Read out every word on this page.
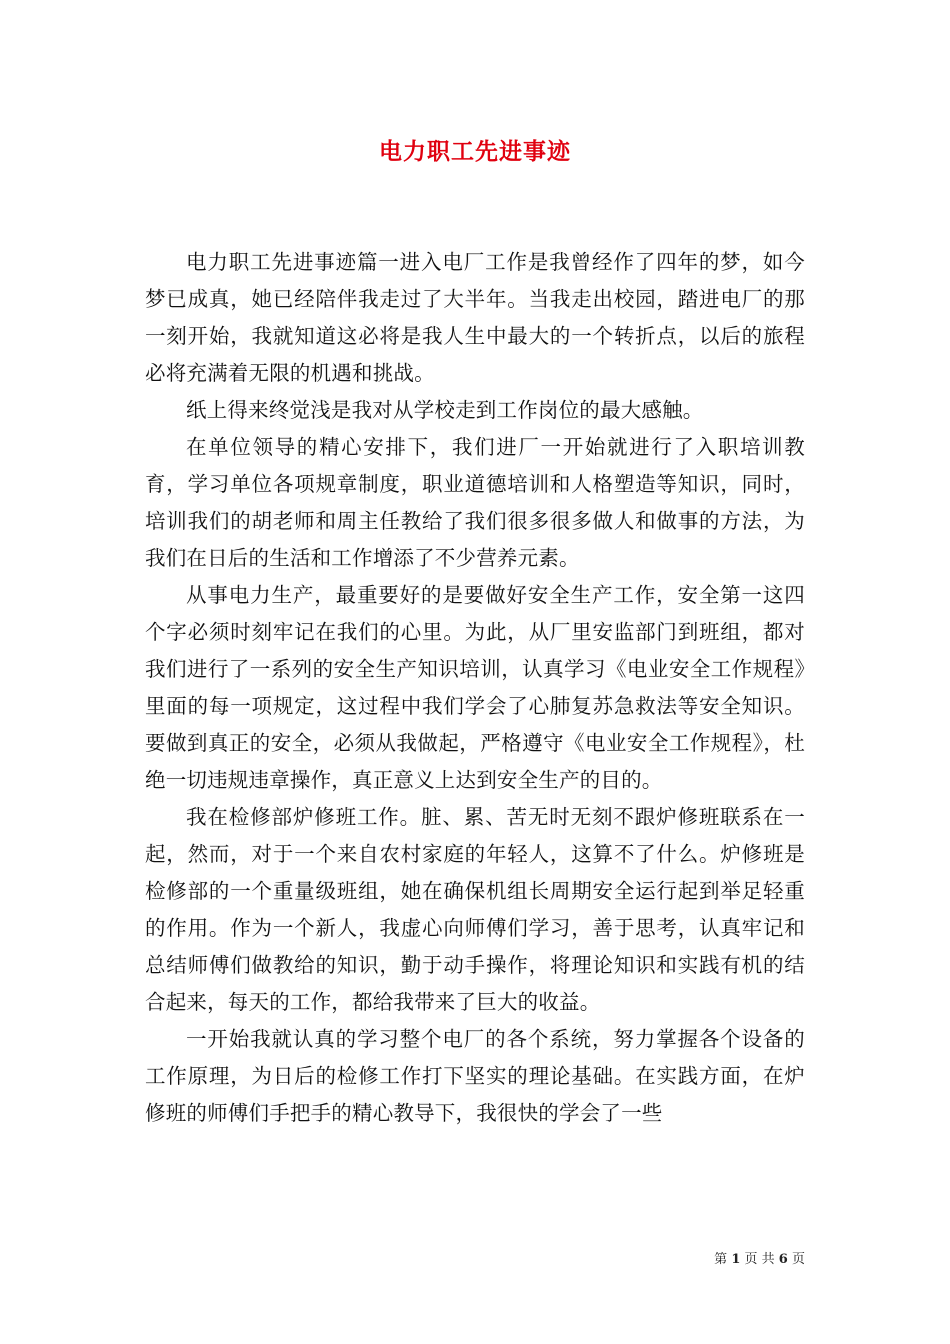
电力职工先进事迹

电力职工先进事迹篇一进入电厂工作是我曾经作了四年的梦，如今梦已成真，她已经陪伴我走过了大半年。当我走出校园，踏进电厂的那一刻开始，我就知道这必将是我人生中最大的一个转折点，以后的旅程必将充满着无限的机遇和挑战。

纸上得来终觉浅是我对从学校走到工作岗位的最大感触。

在单位领导的精心安排下，我们进厂一开始就进行了入职培训教育，学习单位各项规章制度，职业道德培训和人格塑造等知识，同时，培训我们的胡老师和周主任教给了我们很多很多做人和做事的方法，为我们在日后的生活和工作增添了不少营养元素。

从事电力生产，最重要好的是要做好安全生产工作，安全第一这四个字必须时刻牢记在我们的心里。为此，从厂里安监部门到班组，都对我们进行了一系列的安全生产知识培训，认真学习《电业安全工作规程》里面的每一项规定，这过程中我们学会了心肺复苏急救法等安全知识。要做到真正的安全，必须从我做起，严格遵守《电业安全工作规程》，杜绝一切违规违章操作，真正意义上达到安全生产的目的。

我在检修部炉修班工作。脏、累、苦无时无刻不跟炉修班联系在一起，然而，对于一个来自农村家庭的年轻人，这算不了什么。炉修班是检修部的一个重量级班组，她在确保机组长周期安全运行起到举足轻重的作用。作为一个新人，我虚心向师傅们学习，善于思考，认真牢记和总结师傅们做教给的知识，勤于动手操作，将理论知识和实践有机的结合起来，每天的工作，都给我带来了巨大的收益。

一开始我就认真的学习整个电厂的各个系统，努力掌握各个设备的工作原理，为日后的检修工作打下坚实的理论基础。在实践方面，在炉修班的师傅们手把手的精心教导下，我很快的学会了一些

第 1 页 共 6 页
